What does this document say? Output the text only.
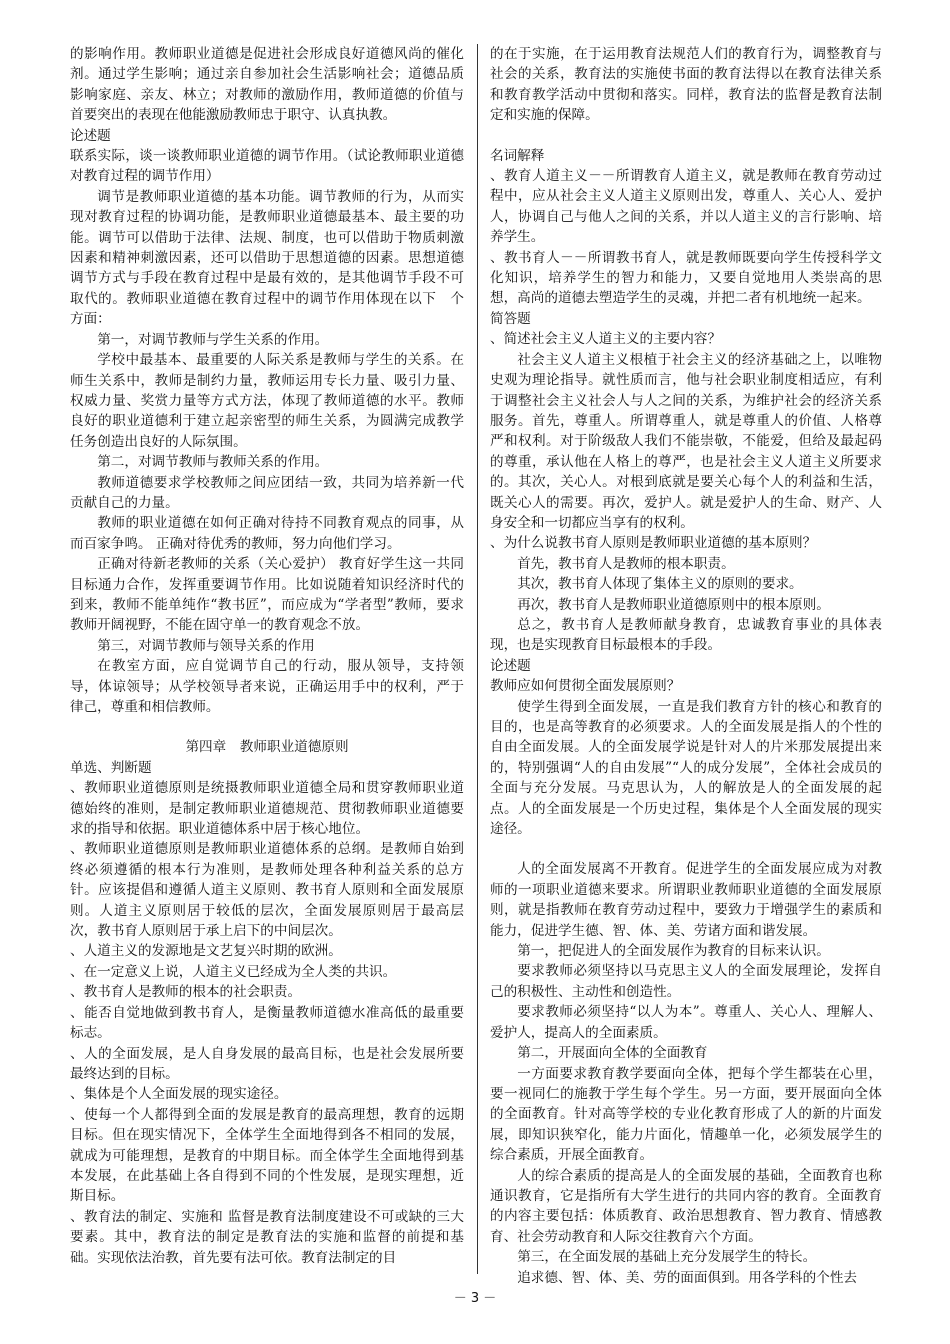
的影响作用。教师职业道德是促进社会形成良好道德风尚的催化剂。通过学生影响；通过亲自参加社会生活影响社会；道德品质影响家庭、亲友、林立；对教师的激励作用，教师道德的价值与首要突出的表现在他能激励教师忠于职守、认真执教。
论述题
联系实际，谈一谈教师职业道德的调节作用。（试论教师职业道德对教育过程的调节作用）
调节是教师职业道德的基本功能。调节教师的行为，从而实现对教育过程的协调功能，是教师职业道德最基本、最主要的功能。调节可以借助于法律、法规、制度，也可以借助于物质刺激因素和精神刺激因素，还可以借助于思想道德的因素。思想道德调节方式与手段在教育过程中是最有效的，是其他调节手段不可取代的。教师职业道德在教育过程中的调节作用体现在以下　个方面：
第一，对调节教师与学生关系的作用。
学校中最基本、最重要的人际关系是教师与学生的关系。在师生关系中，教师是制约力量，教师运用专长力量、吸引力量、权威力量、奖赏力量等方式方法，体现了教师道德的水平。教师良好的职业道德利于建立起亲密型的师生关系，为圆满完成教学任务创造出良好的人际氛围。
第二，对调节教师与教师关系的作用。
教师道德要求学校教师之间应团结一致，共同为培养新一代贡献自己的力量。
教师的职业道德在如何正确对待持不同教育观点的同事，从而百家争鸣。 正确对待优秀的教师，努力向他们学习。
正确对待新老教师的关系（关心爱护） 教育好学生这一共同目标通力合作，发挥重要调节作用。比如说随着知识经济时代的到来，教师不能单纯作“教书匠”，而应成为“学者型”教师，要求教师开阔视野，不能在固守单一的教育观念不放。
第三，对调节教师与领导关系的作用
在教室方面，应自觉调节自己的行动，服从领导，支持领导，体谅领导；从学校领导者来说，正确运用手中的权利，严于律己，尊重和相信教师。
第四章　教师职业道德原则
单选、判断题
、教师职业道德原则是统摄教师职业道德全局和贯穿教师职业道德始终的准则，是制定教师职业道德规范、贯彻教师职业道德要求的指导和依据。职业道德体系中居于核心地位。
、教师职业道德原则是教师职业道德体系的总纲。是教师自始到终必须遵循的根本行为准则，是教师处理各种利益关系的总方针。应该提倡和遵循人道主义原则、教书育人原则和全面发展原则。人道主义原则居于较低的层次，全面发展原则居于最高层次，教书育人原则居于承上启下的中间层次。
、人道主义的发源地是文艺复兴时期的欧洲。
、在一定意义上说，人道主义已经成为全人类的共识。
、教书育人是教师的根本的社会职责。
、能否自觉地做到教书育人，是衡量教师道德水准高低的最重要标志。
、人的全面发展，是人自身发展的最高目标，也是社会发展所要最终达到的目标。
、集体是个人全面发展的现实途径。
、使每一个人都得到全面的发展是教育的最高理想，教育的远期目标。但在现实情况下，全体学生全面地得到各不相同的发展，就成为可能理想，是教育的中期目标。而全体学生全面地得到基本发展，在此基础上各自得到不同的个性发展，是现实理想，近斯目标。
、教育法的制定、实施和 监督是教育法制度建设不可或缺的三大要素。其中，教育法的制定是教育法的实施和监督的前提和基础。实现依法治教，首先要有法可依。教育法制定的目
的在于实施，在于运用教育法规范人们的教育行为，调整教育与社会的关系，教育法的实施使书面的教育法得以在教育法律关系和教育教学活动中贯彻和落实。同样，教育法的监督是教育法制定和实施的保障。
名词解释
、教育人道主义－－所谓教育人道主义，就是教师在教育劳动过程中，应从社会主义人道主义原则出发，尊重人、关心人、爱护人，协调自己与他人之间的关系，并以人道主义的言行影响、培养学生。
、教书育人－－所谓教书育人，就是教师既要向学生传授科学文化知识，培养学生的智力和能力，又要自觉地用人类崇高的思想，高尚的道德去塑造学生的灵魂，并把二者有机地统一起来。
简答题
、简述社会主义人道主义的主要内容？
社会主义人道主义根植于社会主义的经济基础之上，以唯物史观为理论指导。就性质而言，他与社会职业制度相适应，有利于调整社会主义社会人与人之间的关系，为维护社会的经济关系服务。首先，尊重人。所谓尊重人，就是尊重人的价值、人格尊严和权利。对于阶级敌人我们不能崇敬，不能爱，但给及最起码的尊重，承认他在人格上的尊严，也是社会主义人道主义所要求的。其次，关心人。对根到底就是要关心每个人的利益和生活，既关心人的需要。再次，爱护人。就是爱护人的生命、财产、人身安全和一切都应当享有的权利。
、为什么说教书育人原则是教师职业道德的基本原则？
首先，教书育人是教师的根本职责。
其次，教书育人体现了集体主义的原则的要求。
再次，教书育人是教师职业道德原则中的根本原则。
总之，教书育人是教师献身教育，忠诚教育事业的具体表现，也是实现教育目标最根本的手段。
论述题
教师应如何贯彻全面发展原则？
使学生得到全面发展，一直是我们教育方针的核心和教育的目的，也是高等教育的必须要求。人的全面发展是指人的个性的自由全面发展。人的全面发展学说是针对人的片米那发展提出来的，特别强调“人的自由发展”“人的成分发展”，全体社会成员的全面与充分发展。马克思认为，人的解放是人的全面发展的起点。人的全面发展是一个历史过程，集体是个人全面发展的现实途径。
人的全面发展离不开教育。促进学生的全面发展应成为对教师的一项职业道德来要求。所谓职业教师职业道德的全面发展原则，就是指教师在教育劳动过程中，要致力于增强学生的素质和能力，促进学生德、智、体、美、劳诸方面和谐发展。
第一，把促进人的全面发展作为教育的目标来认识。
要求教师必须坚持以马克思主义人的全面发展理论，发挥自己的积极性、主动性和创造性。
要求教师必须坚持“以人为本”。尊重人、关心人、理解人、爱护人，提高人的全面素质。
第二，开展面向全体的全面教育
一方面要求教育教学要面向全体，把每个学生都装在心里，要一视同仁的施教于学生每个学生。另一方面，要开展面向全体的全面教育。针对高等学校的专业化教育形成了人的新的片面发展，即知识狭窄化，能力片面化，情趣单一化，必须发展学生的综合素质，开展全面教育。
人的综合素质的提高是人的全面发展的基础，全面教育也称通识教育，它是指所有大学生进行的共同内容的教育。全面教育的内容主要包括：体质教育、政治思想教育、智力教育、情感教育、社会劳动教育和人际交往教育六个方面。
第三，在全面发展的基础上充分发展学生的特长。
追求德、智、体、美、劳的面面俱到。用各学科的个性去
－ 3 －
